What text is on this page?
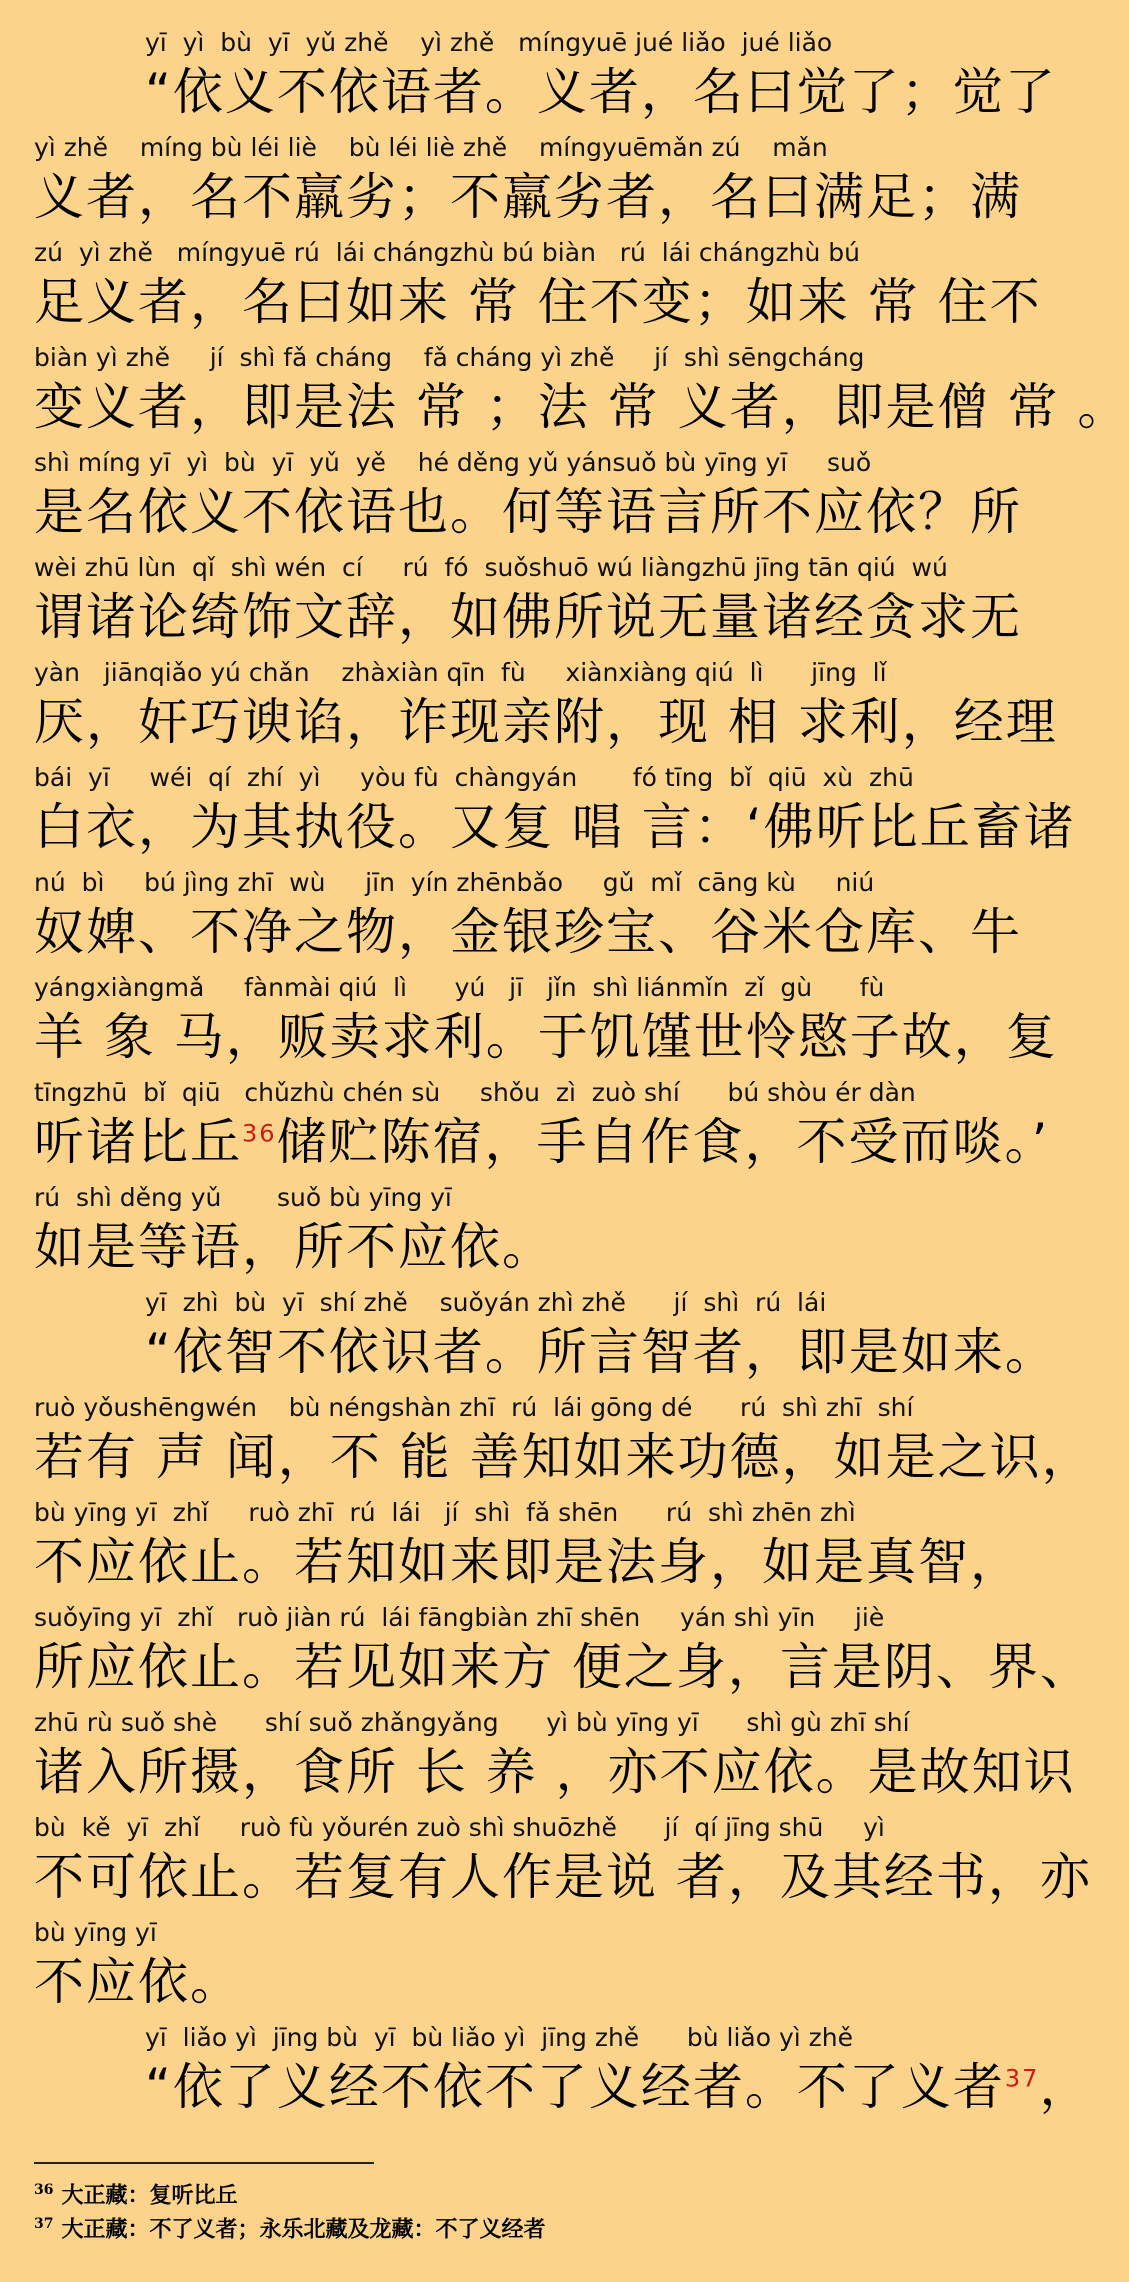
yī  yì  bù  yī  yǔ zhě    yì zhě   míngyuē jué liǎo  jué liǎo
“依义不依语者。义者，名曰觉了；觉了
yì zhě    míng bù léi liè    bù léi liè zhě    míngyuēmǎn zú    mǎn
义者，名不羸劣；不羸劣者，名曰满足；满
zú  yì zhě   míngyuē rú  lái chángzhù bú biàn   rú  lái chángzhù bú
足义者，名曰如来 常 住不变；如来 常 住不
biàn yì zhě     jí  shì fǎ cháng    fǎ cháng yì zhě     jí  shì sēngcháng
变义者，即是法 常 ；法 常 义者，即是僧 常 。
shì míng yī  yì  bù  yī  yǔ  yě    hé děng yǔ yánsuǒ bù yīng yī     suǒ
是名依义不依语也。何等语言所不应依？所
wèi zhū lùn  qǐ  shì wén  cí     rú  fó  suǒshuō wú liàngzhū jīng tān qiú  wú
谓诸论绮饰文辞，如佛所说无量诸经贪求无
yàn   jiānqiǎo yú chǎn    zhàxiàn qīn  fù     xiànxiàng qiú  lì      jīng  lǐ
厌，奸巧谀谄，诈现亲附，现 相 求利，经理
bái  yī     wéi  qí  zhí  yì     yòu fù  chàngyán       fó tīng  bǐ  qiū  xù  zhū
白衣，为其执役。又复 唱 言：‘佛听比丘畜诸
nú  bì     bú jìng zhī  wù     jīn  yín zhēnbǎo     gǔ  mǐ  cāng kù     niú
奴婢、不净之物，金银珍宝、谷米仓库、牛
yángxiàngmǎ     fànmài qiú  lì      yú   jī   jǐn  shì liánmǐn  zǐ  gù      fù
羊 象 马，贩卖求利。于饥馑世怜愍子故，复
tīngzhū  bǐ  qiū   chǔzhù chén sù     shǒu  zì  zuò shí      bú shòu ér dàn
听诸比丘$^{36}$储贮陈宿，手自作食，不受而啖。’
rú  shì děng yǔ       suǒ bù yīng yī
如是等语，所不应依。
yī  zhì  bù  yī  shí zhě    suǒyán zhì zhě      jí  shì  rú  lái
“依智不依识者。所言智者，即是如来。
ruò yǒushēngwén    bù néngshàn zhī  rú  lái gōng dé      rú  shì zhī  shí
若有 声 闻，不 能 善知如来功德，如是之识，
bù yīng yī  zhǐ     ruò zhī  rú  lái   jí  shì  fǎ shēn      rú  shì zhēn zhì
不应依止。若知如来即是法身，如是真智，
suǒyīng yī  zhǐ   ruò jiàn rú  lái fāngbiàn zhī shēn     yán shì yīn     jiè
所应依止。若见如来方 便之身，言是阴、界、
zhū rù suǒ shè      shí suǒ zhǎngyǎng      yì bù yīng yī      shì gù zhī shí
诸入所摄，食所 长 养 ，亦不应依。是故知识
bù  kě  yī  zhǐ     ruò fù yǒurén zuò shì shuōzhě      jí  qí jīng shū     yì
不可依止。若复有人作是说 者，及其经书，亦
bù yīng yī
不应依。
yī  liǎo yì  jīng bù  yī  bù liǎo yì  jīng zhě      bù liǎo yì zhě
“依了义经不依不了义经者。不了义者$^{37}$，
$^{36}$ 大正藏：复听比丘
$^{37}$ 大正藏：不了义者；永乐北藏及龙藏：不了义经者
